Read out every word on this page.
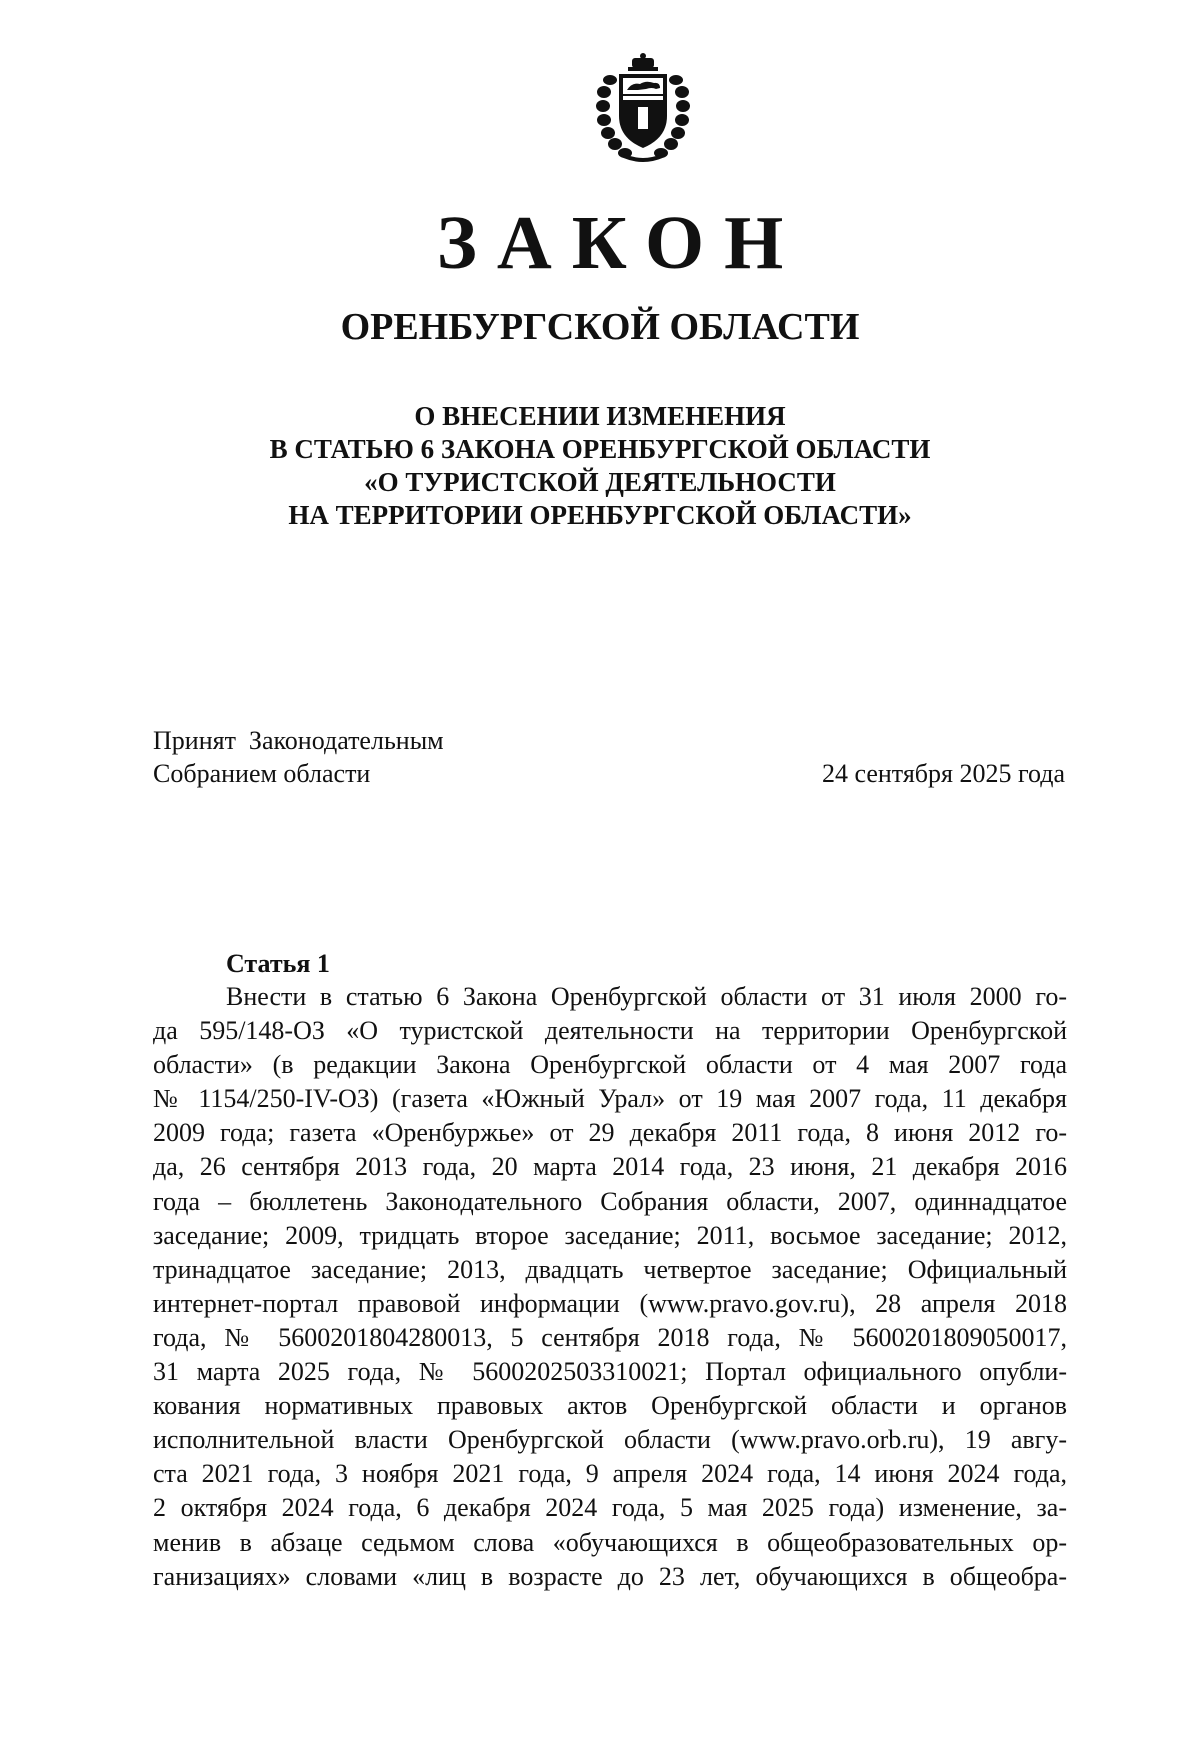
ЗАКОН
ОРЕНБУРГСКОЙ ОБЛАСТИ
О ВНЕСЕНИИ ИЗМЕНЕНИЯ
В СТАТЬЮ 6 ЗАКОНА ОРЕНБУРГСКОЙ ОБЛАСТИ
«О ТУРИСТСКОЙ ДЕЯТЕЛЬНОСТИ
НА ТЕРРИТОРИИ ОРЕНБУРГСКОЙ ОБЛАСТИ»
Принят  Законодательным
Собранием области	24 сентября 2025 года
Статья 1
Внести в статью 6 Закона Оренбургской области от 31 июля 2000 го-
да 595/148-ОЗ «О туристской деятельности на территории Оренбургской
области» (в редакции Закона Оренбургской области от 4 мая 2007 года
№ 1154/250-IV-ОЗ) (газета «Южный Урал» от 19 мая 2007 года, 11 декабря
2009 года; газета «Оренбуржье» от 29 декабря 2011 года, 8 июня 2012 го-
да, 26 сентября 2013 года, 20 марта 2014 года, 23 июня, 21 декабря 2016
года – бюллетень Законодательного Собрания области, 2007, одиннадцатое
заседание; 2009, тридцать второе заседание; 2011, восьмое заседание; 2012,
тринадцатое заседание; 2013, двадцать четвертое заседание; Официальный
интернет-портал правовой информации (www.pravo.gov.ru), 28 апреля 2018
года, № 5600201804280013, 5 сентября 2018 года, № 5600201809050017,
31 марта 2025 года, № 5600202503310021; Портал официального опубли-
кования нормативных правовых актов Оренбургской области и органов
исполнительной власти Оренбургской области (www.pravo.orb.ru), 19 авгу-
ста 2021 года, 3 ноября 2021 года, 9 апреля 2024 года, 14 июня 2024 года,
2 октября 2024 года, 6 декабря 2024 года, 5 мая 2025 года) изменение, за-
менив в абзаце седьмом слова «обучающихся в общеобразовательных ор-
ганизациях» словами «лиц в возрасте до 23 лет, обучающихся в общеобра-
